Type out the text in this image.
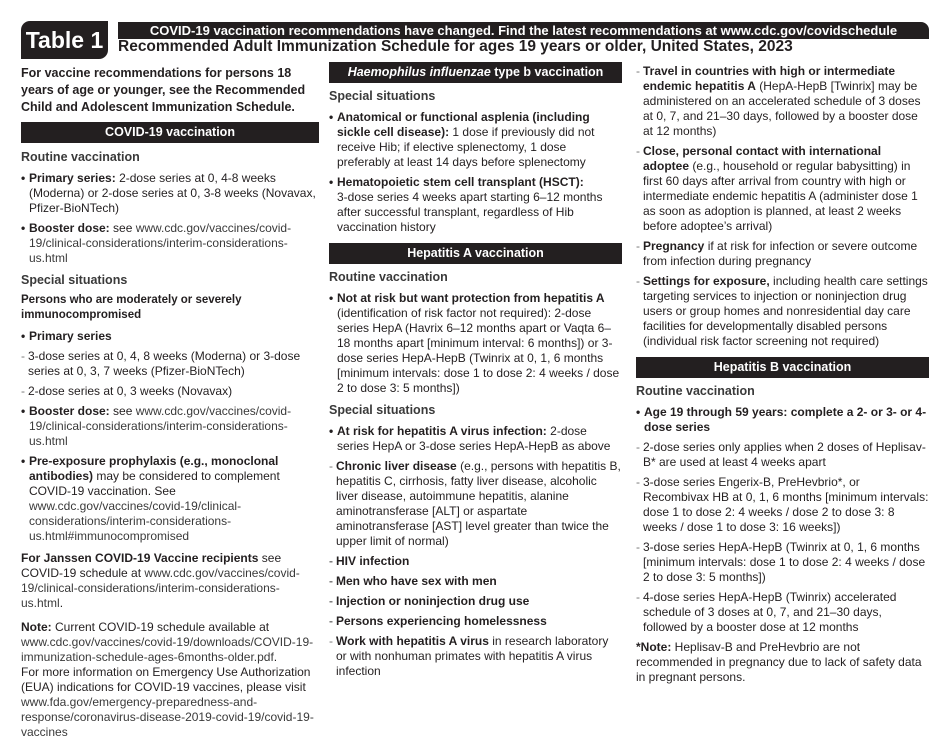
Table 1	COVID-19 vaccination recommendations have changed. Find the latest recommendations at www.cdc.gov/covidschedule
Recommended Adult Immunization Schedule for ages 19 years or older, United States, 2023

For vaccine recommendations for persons 18 years of age or younger, see the Recommended Child and Adolescent Immunization Schedule.

COVID-19 vaccination

Routine vaccination

• Primary series: 2-dose series at 0, 4-8 weeks (Moderna) or 2-dose series at 0, 3-8 weeks (Novavax, Pfizer-BioNTech)

• Booster dose: see www.cdc.gov/vaccines/covid-19/clinical-considerations/interim-considerations-us.html

Special situations

Persons who are moderately or severely immunocompromised

• Primary series

- 3-dose series at 0, 4, 8 weeks (Moderna) or 3-dose series at 0, 3, 7 weeks (Pfizer-BioNTech)

- 2-dose series at 0, 3 weeks (Novavax)

• Booster dose: see www.cdc.gov/vaccines/covid-19/clinical-considerations/interim-considerations-us.html

• Pre-exposure prophylaxis (e.g., monoclonal antibodies) may be considered to complement COVID-19 vaccination. See www.cdc.gov/vaccines/covid-19/clinical-considerations/interim-considerations-us.html#immunocompromised

For Janssen COVID-19 Vaccine recipients see COVID-19 schedule at www.cdc.gov/vaccines/covid-19/clinical-considerations/interim-considerations-us.html.

Note: Current COVID-19 schedule available at www.cdc.gov/vaccines/covid-19/downloads/COVID-19-immunization-schedule-ages-6months-older.pdf.
For more information on Emergency Use Authorization (EUA) indications for COVID-19 vaccines, please visit www.fda.gov/emergency-preparedness-and-response/coronavirus-disease-2019-covid-19/covid-19-vaccines

Haemophilus influenzae type b vaccination

Special situations

• Anatomical or functional asplenia (including sickle cell disease): 1 dose if previously did not receive Hib; if elective splenectomy, 1 dose preferably at least 14 days before splenectomy

• Hematopoietic stem cell transplant (HSCT):
3-dose series 4 weeks apart starting 6–12 months after successful transplant, regardless of Hib vaccination history

Hepatitis A vaccination

Routine vaccination

• Not at risk but want protection from hepatitis A (identification of risk factor not required): 2-dose series HepA (Havrix 6–12 months apart or Vaqta 6–18 months apart [minimum interval: 6 months]) or 3-dose series HepA-HepB (Twinrix at 0, 1, 6 months [minimum intervals: dose 1 to dose 2: 4 weeks / dose 2 to dose 3: 5 months])

Special situations

• At risk for hepatitis A virus infection: 2-dose series HepA or 3-dose series HepA-HepB as above

- Chronic liver disease (e.g., persons with hepatitis B, hepatitis C, cirrhosis, fatty liver disease, alcoholic liver disease, autoimmune hepatitis, alanine aminotransferase [ALT] or aspartate aminotransferase [AST] level greater than twice the upper limit of normal)

- HIV infection

- Men who have sex with men

- Injection or noninjection drug use

- Persons experiencing homelessness

- Work with hepatitis A virus in research laboratory or with nonhuman primates with hepatitis A virus infection

- Travel in countries with high or intermediate endemic hepatitis A (HepA-HepB [Twinrix] may be administered on an accelerated schedule of 3 doses at 0, 7, and 21–30 days, followed by a booster dose at 12 months)

- Close, personal contact with international adoptee (e.g., household or regular babysitting) in first 60 days after arrival from country with high or intermediate endemic hepatitis A (administer dose 1 as soon as adoption is planned, at least 2 weeks before adoptee’s arrival)

- Pregnancy if at risk for infection or severe outcome from infection during pregnancy

- Settings for exposure, including health care settings targeting services to injection or noninjection drug users or group homes and nonresidential day care facilities for developmentally disabled persons (individual risk factor screening not required)

Hepatitis B vaccination

Routine vaccination

• Age 19 through 59 years: complete a 2- or 3- or 4-dose series

- 2-dose series only applies when 2 doses of Heplisav-B* are used at least 4 weeks apart

- 3-dose series Engerix-B, PreHevbrio*, or Recombivax HB at 0, 1, 6 months [minimum intervals: dose 1 to dose 2: 4 weeks / dose 2 to dose 3: 8 weeks / dose 1 to dose 3: 16 weeks])

- 3-dose series HepA-HepB (Twinrix at 0, 1, 6 months [minimum intervals: dose 1 to dose 2: 4 weeks / dose 2 to dose 3: 5 months])

- 4-dose series HepA-HepB (Twinrix) accelerated schedule of 3 doses at 0, 7, and 21–30 days, followed by a booster dose at 12 months

*Note: Heplisav-B and PreHevbrio are not recommended in pregnancy due to lack of safety data in pregnant persons.
